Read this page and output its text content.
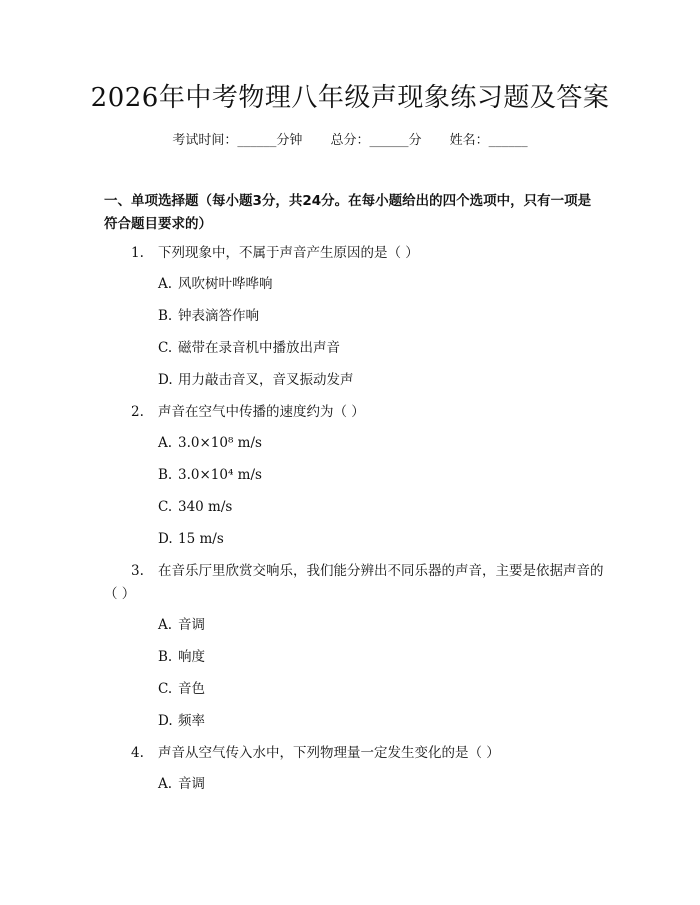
2026年中考物理八年级声现象练习题及答案
考试时间：______分钟 总分：______分 姓名：______
一、单项选择题（每小题3分，共24分。在每小题给出的四个选项中，只有一项是符合题目要求的）
1. 下列现象中，不属于声音产生原因的是（ ）
A. 风吹树叶哗哗响
B. 钟表滴答作响
C. 磁带在录音机中播放出声音
D. 用力敲击音叉，音叉振动发声
2. 声音在空气中传播的速度约为（ ）
A. 3.0×10⁸ m/s
B. 3.0×10⁴ m/s
C. 340 m/s
D. 15 m/s
3. 在音乐厅里欣赏交响乐，我们能分辨出不同乐器的声音，主要是依据声音的（ ）
A. 音调
B. 响度
C. 音色
D. 频率
4. 声音从空气传入水中，下列物理量一定发生变化的是（ ）
A. 音调
